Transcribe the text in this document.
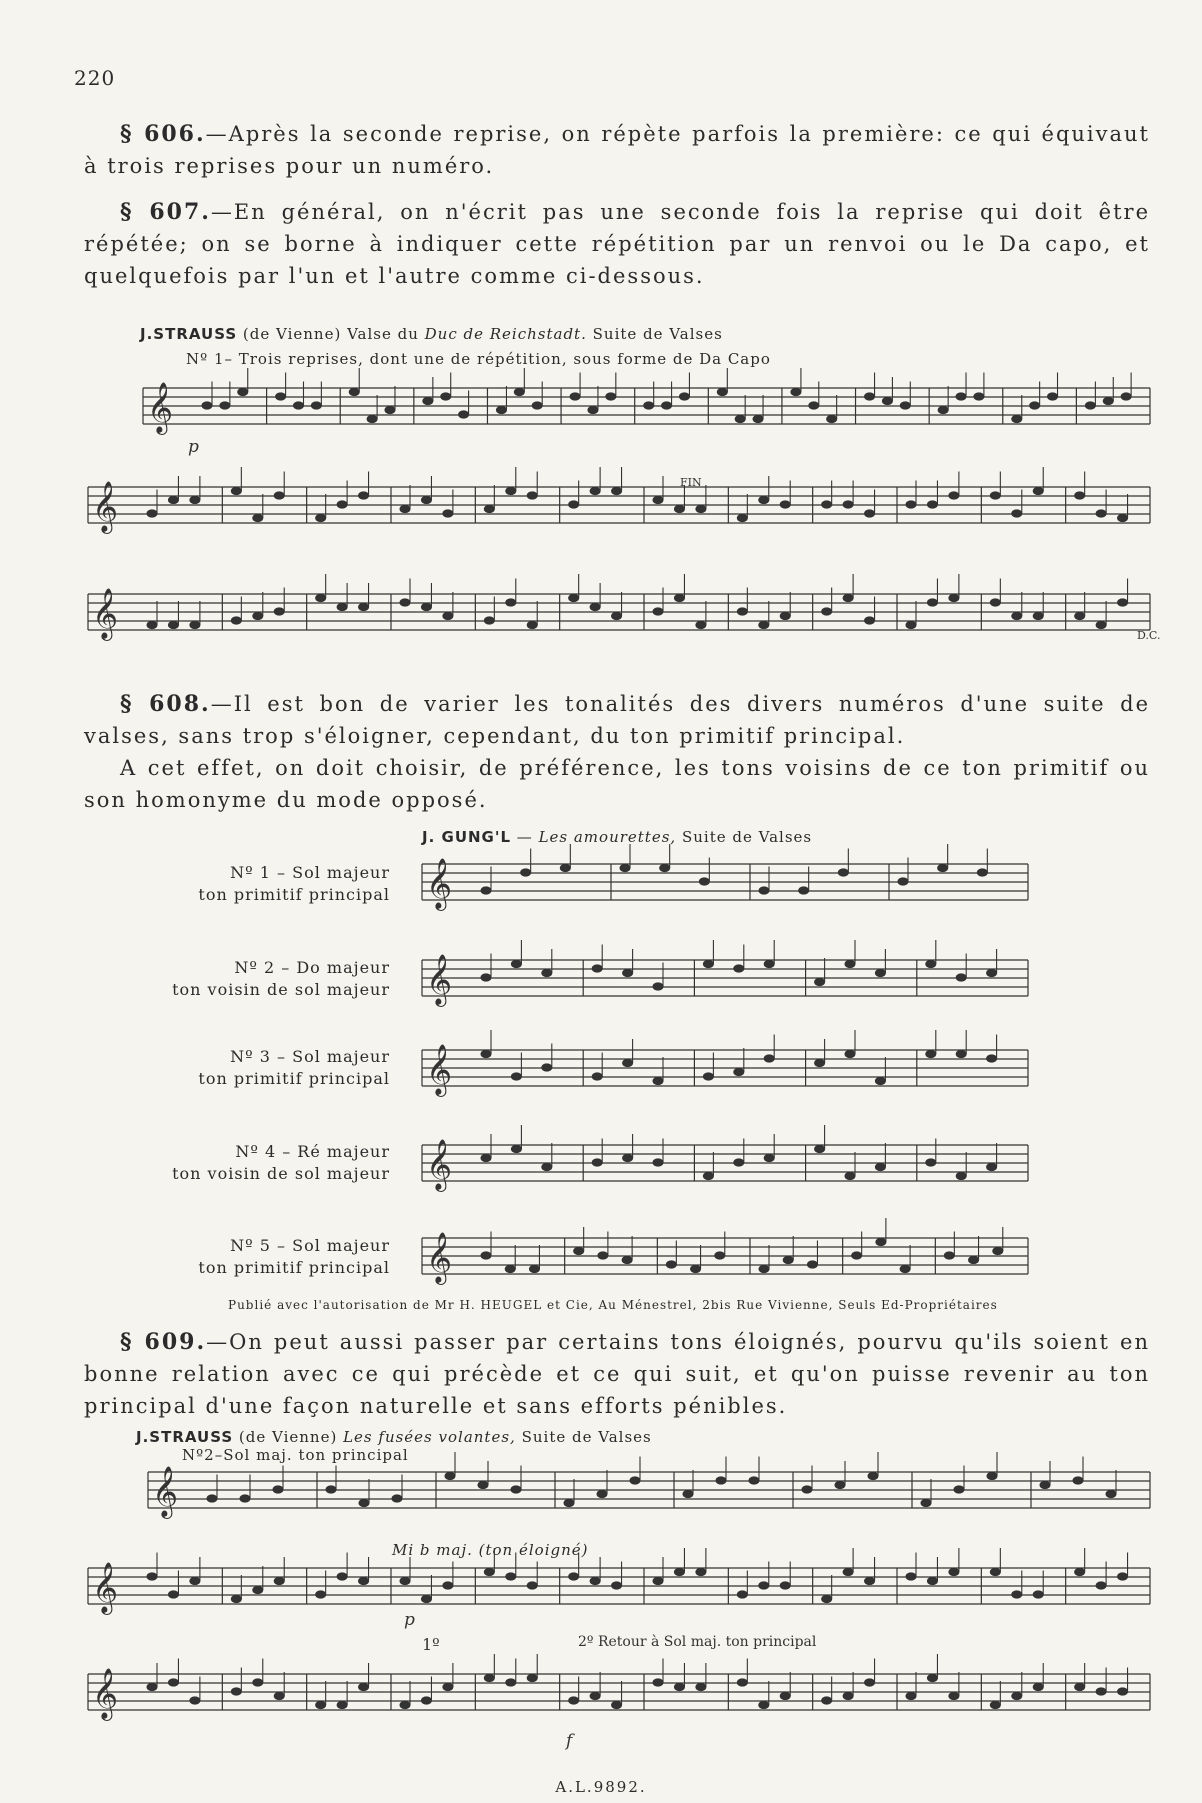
220
§ 606.—Après la seconde reprise, on répète parfois la première: ce qui équivaut à trois reprises pour un numéro.
§ 607.—En général, on n'écrit pas une seconde fois la reprise qui doit être répétée; on se borne à indiquer cette répétition par un renvoi ou le Da capo, et quelquefois par l'un et l'autre comme ci-dessous.
J.STRAUSS (de Vienne) Valse du Duc de Reichstadt. Suite de Valses
Nº 1– Trois reprises, dont une de répétition, sous forme de Da Capo
§ 608.—Il est bon de varier les tonalités des divers numéros d'une suite de valses, sans trop s'éloigner, cependant, du ton primitif principal.
A cet effet, on doit choisir, de préférence, les tons voisins de ce ton primitif ou son homonyme du mode opposé.
J. GUNG'L — Les amourettes, Suite de Valses
Nº 1 – Sol majeur
ton primitif principal
Nº 2 – Do majeur
ton voisin de sol majeur
Nº 3 – Sol majeur
ton primitif principal
Nº 4 – Ré majeur
ton voisin de sol majeur
Nº 5 – Sol majeur
ton primitif principal
Publié avec l'autorisation de Mr H. HEUGEL et Cie, Au Ménestrel, 2bis Rue Vivienne, Seuls Ed-Propriétaires
§ 609.—On peut aussi passer par certains tons éloignés, pourvu qu'ils soient en bonne relation avec ce qui précède et ce qui suit, et qu'on puisse revenir au ton principal d'une façon naturelle et sans efforts pénibles.
J.STRAUSS (de Vienne) Les fusées volantes, Suite de Valses
Nº2–Sol maj. ton principal
Mi b maj. (ton éloigné)
𝄞
𝄞
𝄞
𝄞
𝄞
𝄞
𝄞
𝄞
𝄞
𝄞
𝄞
p
FIN
D.C.
p
1º	2º Retour à Sol maj. ton principal
f
A.L.9892.
